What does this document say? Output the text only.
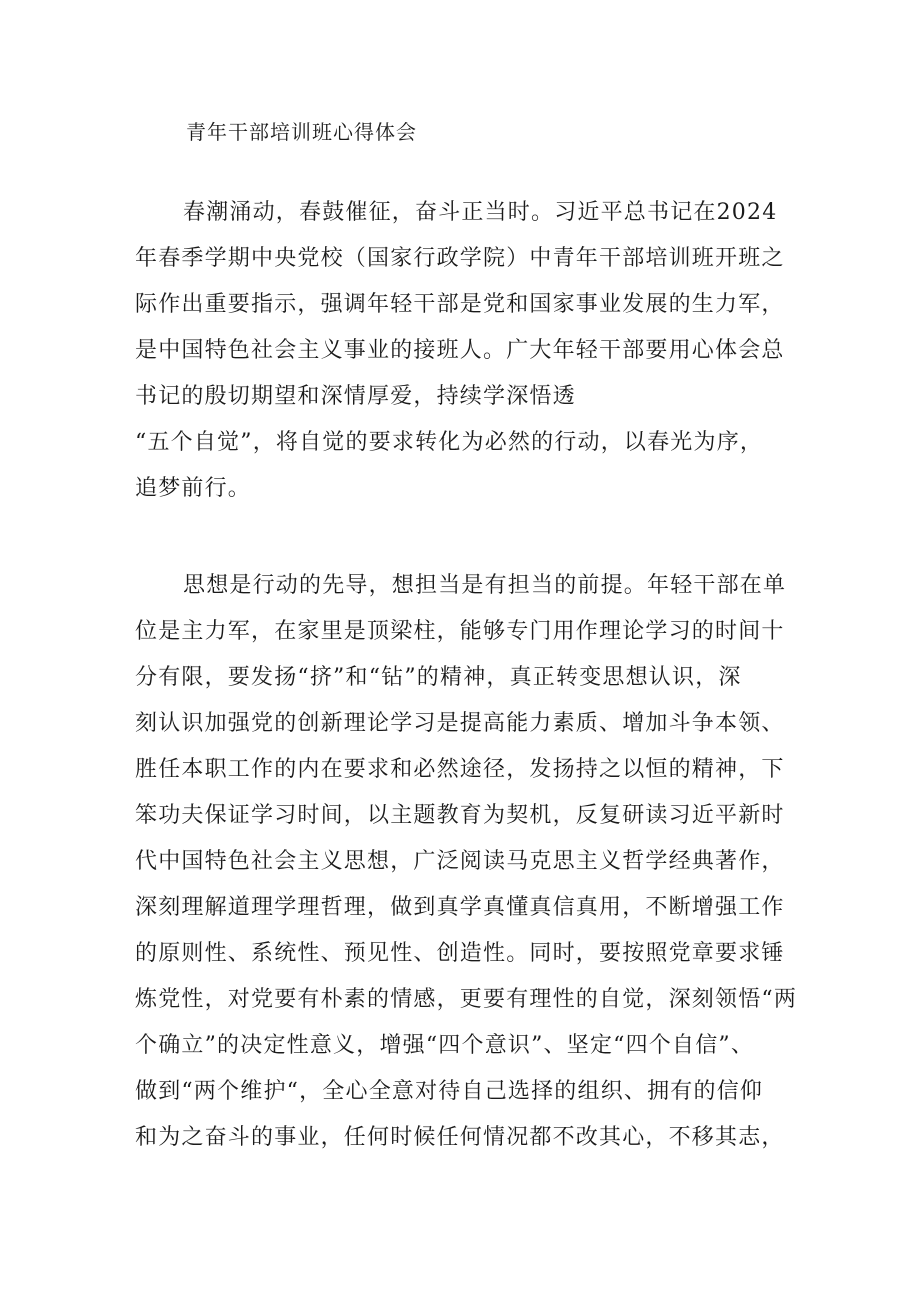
青年干部培训班心得体会
春潮涌动，春鼓催征，奋斗正当时。习近平总书记在2024
年春季学期中央党校（国家行政学院）中青年干部培训班开班之
际作出重要指示，强调年轻干部是党和国家事业发展的生力军，
是中国特色社会主义事业的接班人。广大年轻干部要用心体会总
书记的殷切期望和深情厚爱，持续学深悟透
“五个自觉”，将自觉的要求转化为必然的行动，以春光为序，
追梦前行。
思想是行动的先导，想担当是有担当的前提。年轻干部在单
位是主力军，在家里是顶梁柱，能够专门用作理论学习的时间十
分有限，要发扬“挤”和“钻”的精神，真正转变思想认识，深
刻认识加强党的创新理论学习是提高能力素质、增加斗争本领、
胜任本职工作的内在要求和必然途径，发扬持之以恒的精神，下
笨功夫保证学习时间，以主题教育为契机，反复研读习近平新时
代中国特色社会主义思想，广泛阅读马克思主义哲学经典著作，
深刻理解道理学理哲理，做到真学真懂真信真用，不断增强工作
的原则性、系统性、预见性、创造性。同时，要按照党章要求锤
炼党性，对党要有朴素的情感，更要有理性的自觉，深刻领悟“两
个确立”的决定性意义，增强“四个意识”、坚定“四个自信”、
做到“两个维护“，全心全意对待自己选择的组织、拥有的信仰
和为之奋斗的事业，任何时候任何情况都不改其心，不移其志，
